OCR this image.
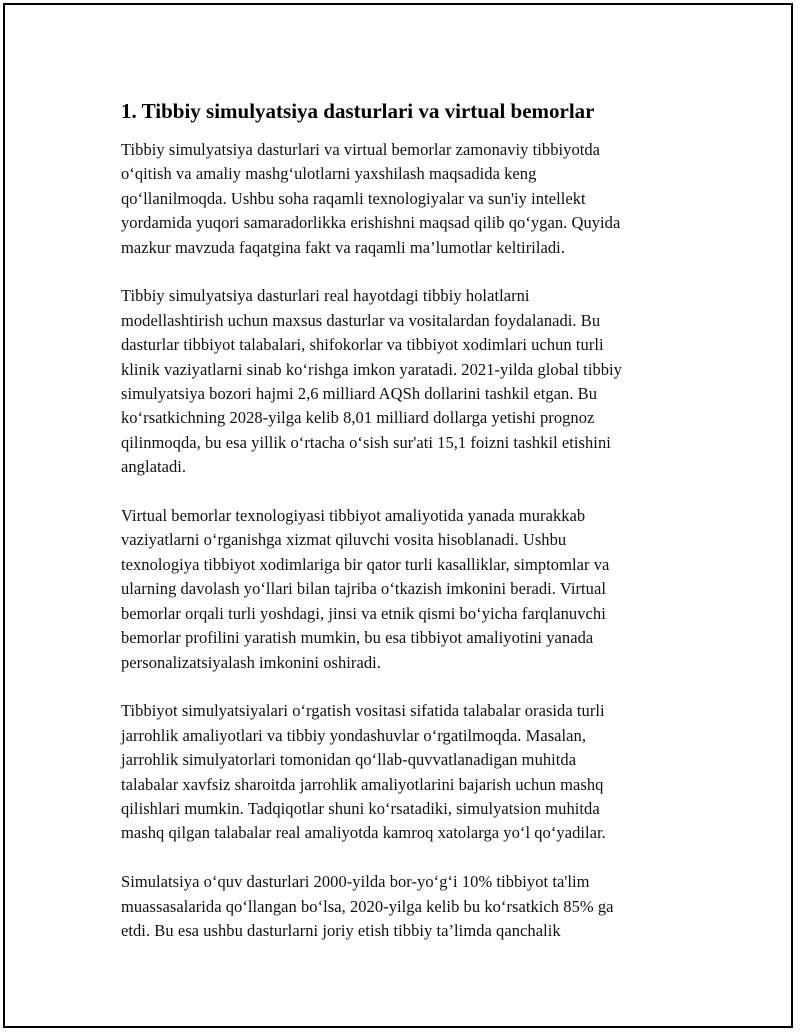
1. Tibbiy simulyatsiya dasturlari va virtual bemorlar

Tibbiy simulyatsiya dasturlari va virtual bemorlar zamonaviy tibbiyotda
o‘qitish va amaliy mashg‘ulotlarni yaxshilash maqsadida keng
qo‘llanilmoqda. Ushbu soha raqamli texnologiyalar va sun'iy intellekt
yordamida yuqori samaradorlikka erishishni maqsad qilib qo‘ygan. Quyida
mazkur mavzuda faqatgina fakt va raqamli ma’lumotlar keltiriladi.

Tibbiy simulyatsiya dasturlari real hayotdagi tibbiy holatlarni
modellashtirish uchun maxsus dasturlar va vositalardan foydalanadi. Bu
dasturlar tibbiyot talabalari, shifokorlar va tibbiyot xodimlari uchun turli
klinik vaziyatlarni sinab ko‘rishga imkon yaratadi. 2021-yilda global tibbiy
simulyatsiya bozori hajmi 2,6 milliard AQSh dollarini tashkil etgan. Bu
ko‘rsatkichning 2028-yilga kelib 8,01 milliard dollarga yetishi prognoz
qilinmoqda, bu esa yillik o‘rtacha o‘sish sur'ati 15,1 foizni tashkil etishini
anglatadi.

Virtual bemorlar texnologiyasi tibbiyot amaliyotida yanada murakkab
vaziyatlarni o‘rganishga xizmat qiluvchi vosita hisoblanadi. Ushbu
texnologiya tibbiyot xodimlariga bir qator turli kasalliklar, simptomlar va
ularning davolash yo‘llari bilan tajriba o‘tkazish imkonini beradi. Virtual
bemorlar orqali turli yoshdagi, jinsi va etnik qismi bo‘yicha farqlanuvchi
bemorlar profilini yaratish mumkin, bu esa tibbiyot amaliyotini yanada
personalizatsiyalash imkonini oshiradi.

Tibbiyot simulyatsiyalari o‘rgatish vositasi sifatida talabalar orasida turli
jarrohlik amaliyotlari va tibbiy yondashuvlar o‘rgatilmoqda. Masalan,
jarrohlik simulyatorlari tomonidan qo‘llab-quvvatlanadigan muhitda
talabalar xavfsiz sharoitda jarrohlik amaliyotlarini bajarish uchun mashq
qilishlari mumkin. Tadqiqotlar shuni ko‘rsatadiki, simulyatsion muhitda
mashq qilgan talabalar real amaliyotda kamroq xatolarga yo‘l qo‘yadilar.

Simulatsiya o‘quv dasturlari 2000-yilda bor-yo‘g‘i 10% tibbiyot ta'lim
muassasalarida qo‘llangan bo‘lsa, 2020-yilga kelib bu ko‘rsatkich 85% ga
etdi. Bu esa ushbu dasturlarni joriy etish tibbiy ta’limda qanchalik
